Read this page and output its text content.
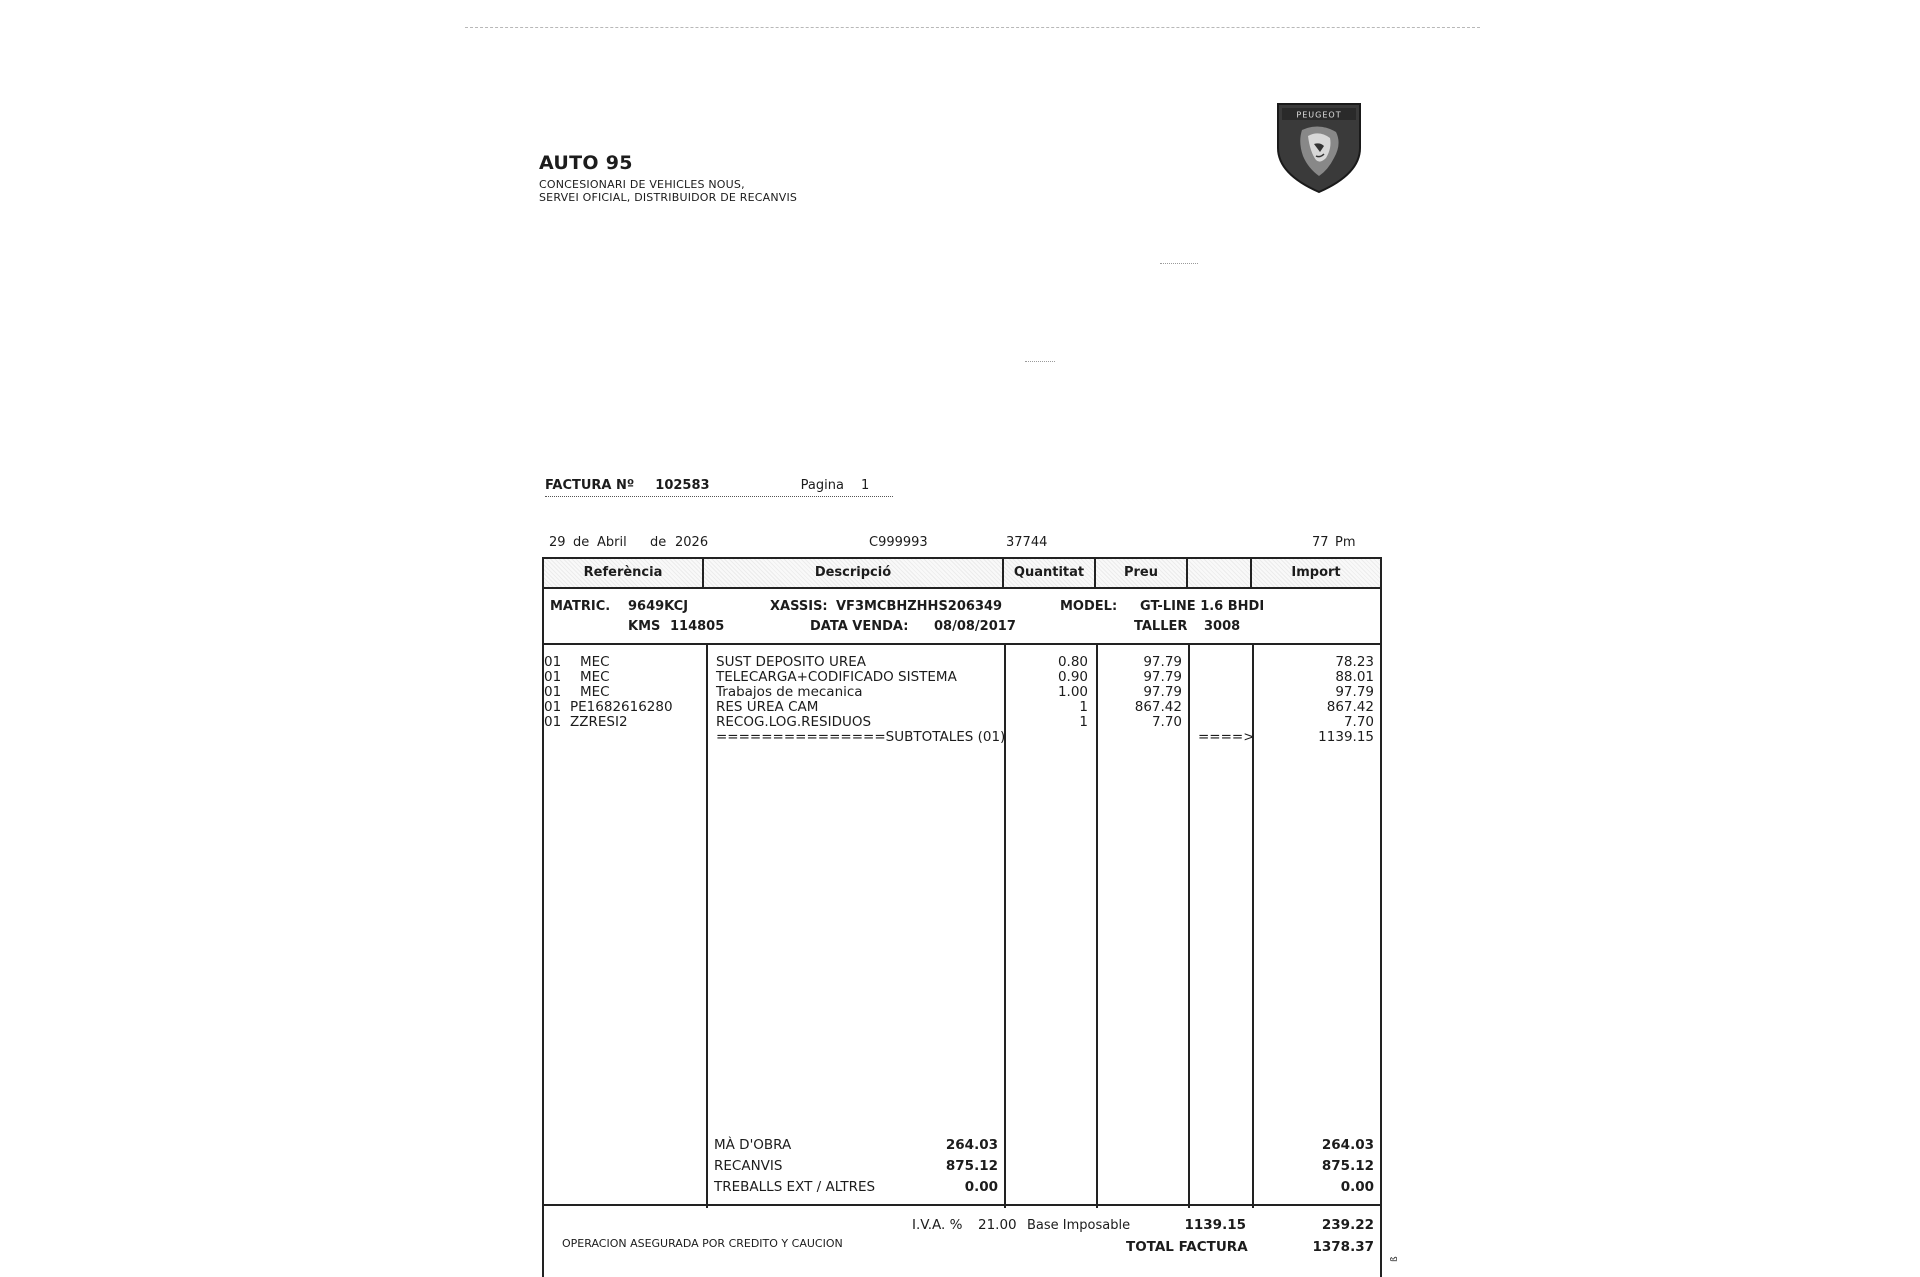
AUTO 95
CONCESIONARI DE VEHICLES NOUS,
SERVEI OFICIAL, DISTRIBUIDOR DE RECANVIS
PEUGEOT
FACTURA Nº 102583	Pagina 1
29 de Abril de 2026	C999993	37744	77 Pm
Referència	Descripció	Quantitat	Preu	Import
MATRIC. 9649KCJ	XASSIS: VF3MCBHZHHS206349	MODEL: GT-LINE 1.6 BHDI
KMS 114805	DATA VENDA: 08/08/2017	TALLER 3008
01 MEC	SUST DEPOSITO UREA	0.80	97.79	78.23
01 MEC	TELECARGA+CODIFICADO SISTEMA	0.90	97.79	88.01
01 MEC	Trabajos de mecanica	1.00	97.79	97.79
01 PE1682616280	RES UREA CAM	1	867.42	867.42
01 ZZRESI2	RECOG.LOG.RESIDUOS	1	7.70	7.70
===============SUBTOTALES (01)	====>	1139.15
MÀ D'OBRA	264.03	264.03
RECANVIS	875.12	875.12
TREBALLS EXT / ALTRES	0.00	0.00
I.V.A. % 21.00 Base Imposable	1139.15	239.22
OPERACION ASEGURADA POR CREDITO Y CAUCION	TOTAL FACTURA	1378.37
ß
